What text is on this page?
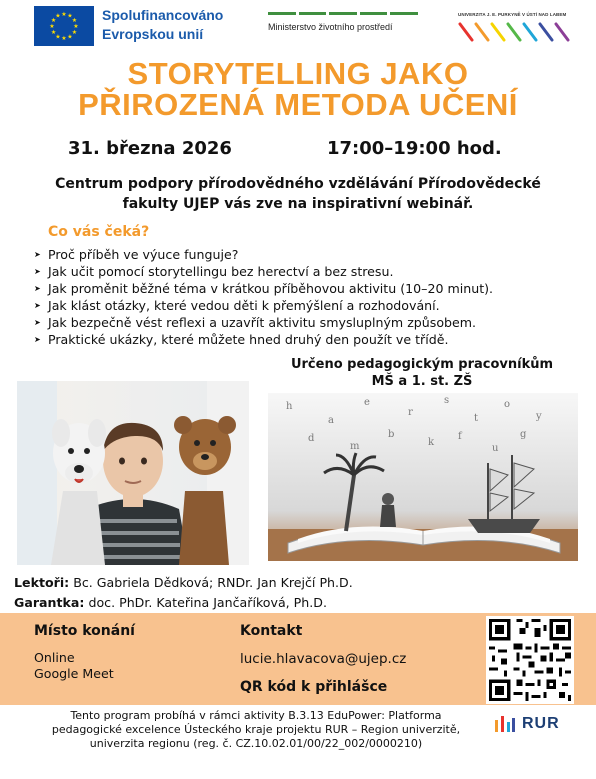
★ ★
★
★
★
★
★
★
★
★
★
★	Spolufinancováno
Evropskou unií	Ministerstvo životního prostředí
UNIVERZITA J. E. PURKYNĚ V ÚSTÍ NAD LABEM
STORYTELLING JAKO
PŘIROZENÁ METODA UČENÍ
31. března 2026	17:00–19:00 hod.
Centrum podpory přírodovědného vzdělávání Přírodovědecké fakulty UJEP vás zve na inspirativní webinář.
Co vás čeká?
➤ Proč příběh ve výuce funguje?
➤ Jak učit pomocí storytellingu bez herectví a bez stresu.
➤ Jak proměnit běžné téma v krátkou příběhovou aktivitu (10–20 minut).
➤ Jak klást otázky, které vedou děti k přemýšlení a rozhodování.
➤ Jak bezpečně vést reflexi a uzavřít aktivitu smysluplným způsobem.
➤ Praktické ukázky, které můžete hned druhý den použít ve třídě.
Určeno pedagogickým pracovníkům
MŠ a 1. st. ZŠ
h
a
e
r
s
t
o
y
b
k
f
m	u
d	g
Lektoři: Bc. Gabriela Dědková; RNDr. Jan Krejčí Ph.D.
Garantka: doc. PhDr. Kateřina Jančaříková, Ph.D.
Místo konání
Online
Google Meet
Kontakt
lucie.hlavacova@ujep.cz
QR kód k přihlášce
Tento program probíhá v rámci aktivity B.3.13 EduPower: Platforma pedagogické excelence Ústeckého kraje projektu RUR – Region univerzitě, univerzita regionu (reg. č. CZ.10.02.01/00/22_002/0000210)
RUR
